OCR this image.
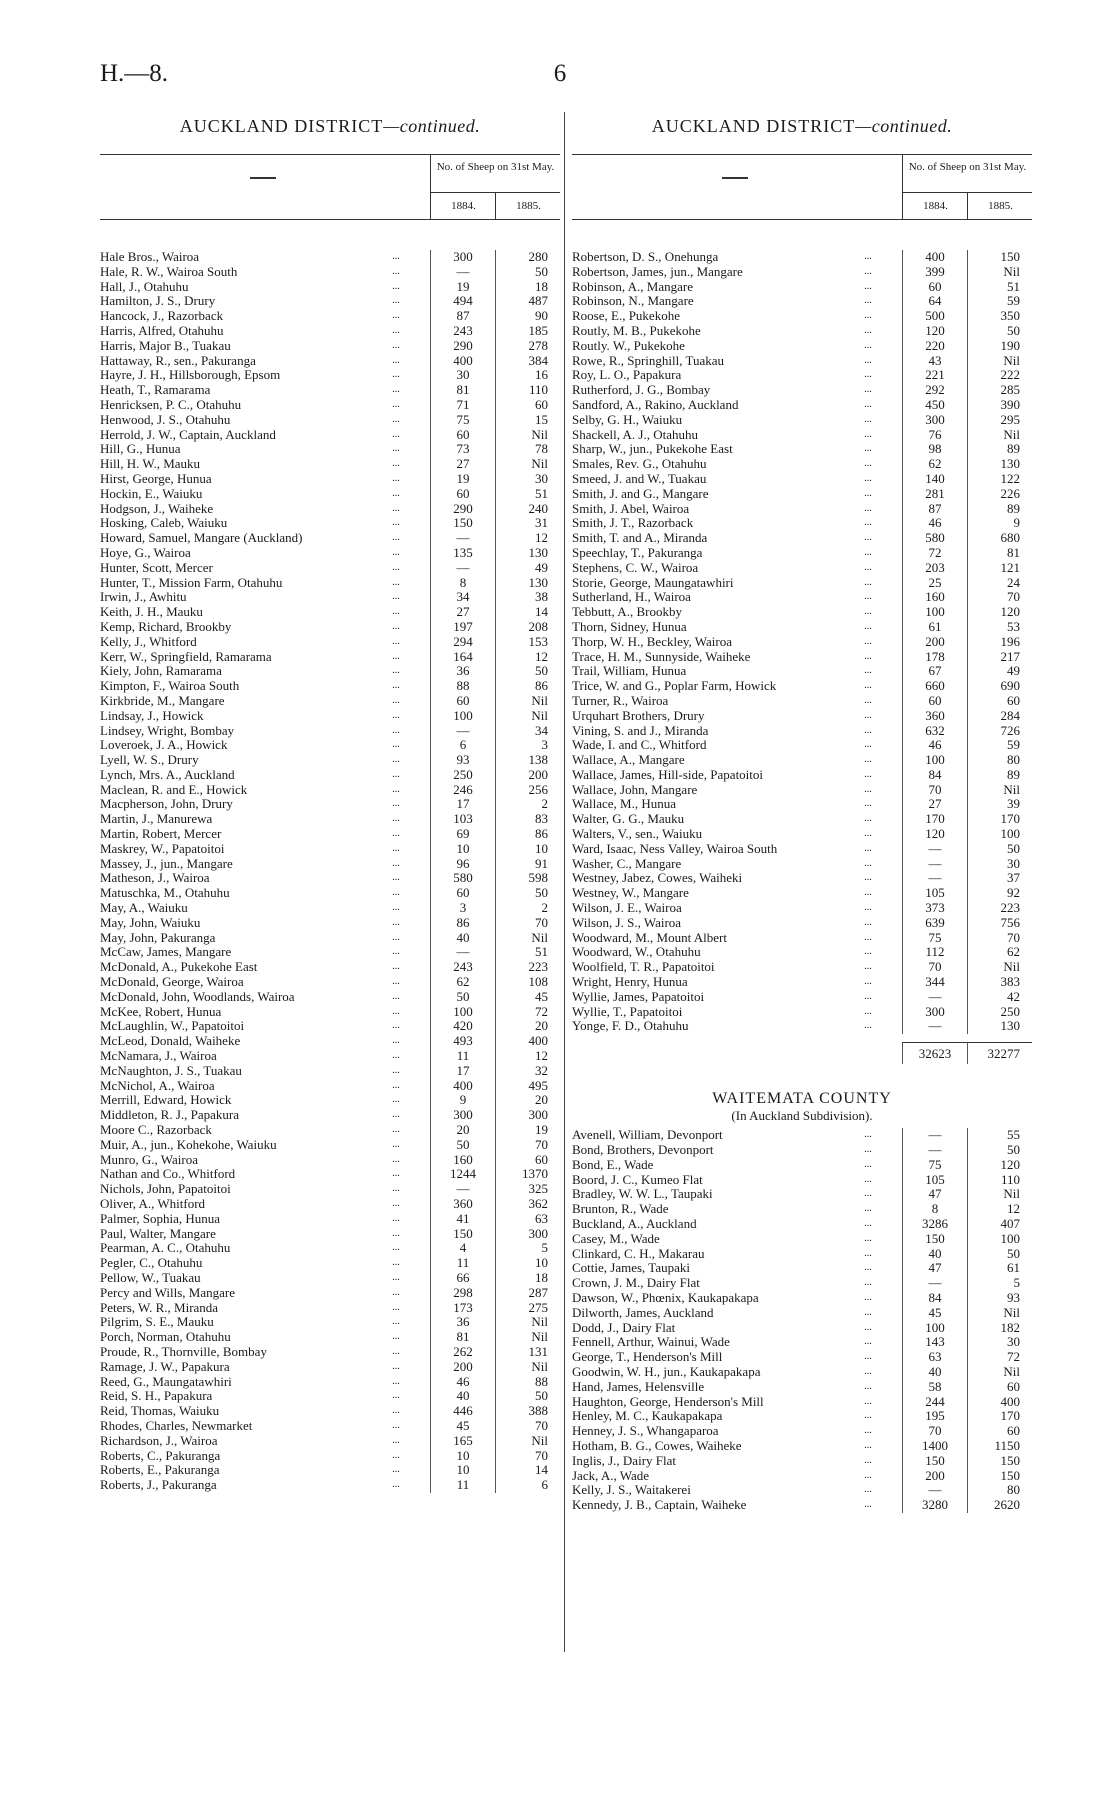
H.—8.	6
AUCKLAND DISTRICT—continued.
No. of Sheep on 31st May.
1884.	1885.
Hale Bros., Wairoa	...	300	280
Hale, R. W., Wairoa South	...	—	50
Hall, J., Otahuhu	...	19	18
Hamilton, J. S., Drury	...	494	487
Hancock, J., Razorback	...	87	90
Harris, Alfred, Otahuhu	...	243	185
Harris, Major B., Tuakau	...	290	278
Hattaway, R., sen., Pakuranga	...	400	384
Hayre, J. H., Hillsborough, Epsom	...	30	16
Heath, T., Ramarama	...	81	110
Henricksen, P. C., Otahuhu	...	71	60
Henwood, J. S., Otahuhu	...	75	15
Herrold, J. W., Captain, Auckland	...	60	Nil
Hill, G., Hunua	...	73	78
Hill, H. W., Mauku	...	27	Nil
Hirst, George, Hunua	...	19	30
Hockin, E., Waiuku	...	60	51
Hodgson, J., Waiheke	...	290	240
Hosking, Caleb, Waiuku	...	150	31
Howard, Samuel, Mangare (Auckland)	...	—	12
Hoye, G., Wairoa	...	135	130
Hunter, Scott, Mercer	...	—	49
Hunter, T., Mission Farm, Otahuhu	...	8	130
Irwin, J., Awhitu	...	34	38
Keith, J. H., Mauku	...	27	14
Kemp, Richard, Brookby	...	197	208
Kelly, J., Whitford	...	294	153
Kerr, W., Springfield, Ramarama	...	164	12
Kiely, John, Ramarama	...	36	50
Kimpton, F., Wairoa South	...	88	86
Kirkbride, M., Mangare	...	60	Nil
Lindsay, J., Howick	...	100	Nil
Lindsey, Wright, Bombay	...	—	34
Loveroek, J. A., Howick	...	6	3
Lyell, W. S., Drury	...	93	138
Lynch, Mrs. A., Auckland	...	250	200
Maclean, R. and E., Howick	...	246	256
Macpherson, John, Drury	...	17	2
Martin, J., Manurewa	...	103	83
Martin, Robert, Mercer	...	69	86
Maskrey, W., Papatoitoi	...	10	10
Massey, J., jun., Mangare	...	96	91
Matheson, J., Wairoa	...	580	598
Matuschka, M., Otahuhu	...	60	50
May, A., Waiuku	...	3	2
May, John, Waiuku	...	86	70
May, John, Pakuranga	...	40	Nil
McCaw, James, Mangare	...	—	51
McDonald, A., Pukekohe East	...	243	223
McDonald, George, Wairoa	...	62	108
McDonald, John, Woodlands, Wairoa	...	50	45
McKee, Robert, Hunua	...	100	72
McLaughlin, W., Papatoitoi	...	420	20
McLeod, Donald, Waiheke	...	493	400
McNamara, J., Wairoa	...	11	12
McNaughton, J. S., Tuakau	...	17	32
McNichol, A., Wairoa	...	400	495
Merrill, Edward, Howick	...	9	20
Middleton, R. J., Papakura	...	300	300
Moore C., Razorback	...	20	19
Muir, A., jun., Kohekohe, Waiuku	...	50	70
Munro, G., Wairoa	...	160	60
Nathan and Co., Whitford	...	1244	1370
Nichols, John, Papatoitoi	...	—	325
Oliver, A., Whitford	...	360	362
Palmer, Sophia, Hunua	...	41	63
Paul, Walter, Mangare	...	150	300
Pearman, A. C., Otahuhu	...	4	5
Pegler, C., Otahuhu	...	11	10
Pellow, W., Tuakau	...	66	18
Percy and Wills, Mangare	...	298	287
Peters, W. R., Miranda	...	173	275
Pilgrim, S. E., Mauku	...	36	Nil
Porch, Norman, Otahuhu	...	81	Nil
Proude, R., Thornville, Bombay	...	262	131
Ramage, J. W., Papakura	...	200	Nil
Reed, G., Maungatawhiri	...	46	88
Reid, S. H., Papakura	...	40	50
Reid, Thomas, Waiuku	...	446	388
Rhodes, Charles, Newmarket	...	45	70
Richardson, J., Wairoa	...	165	Nil
Roberts, C., Pakuranga	...	10	70
Roberts, E., Pakuranga	...	10	14
Roberts, J., Pakuranga	...	11	6
AUCKLAND DISTRICT—continued.
No. of Sheep on 31st May.
1884.	1885.
Robertson, D. S., Onehunga	...	400	150
Robertson, James, jun., Mangare	...	399	Nil
Robinson, A., Mangare	...	60	51
Robinson, N., Mangare	...	64	59
Roose, E., Pukekohe	...	500	350
Routly, M. B., Pukekohe	...	120	50
Routly. W., Pukekohe	...	220	190
Rowe, R., Springhill, Tuakau	...	43	Nil
Roy, L. O., Papakura	...	221	222
Rutherford, J. G., Bombay	...	292	285
Sandford, A., Rakino, Auckland	...	450	390
Selby, G. H., Waiuku	...	300	295
Shackell, A. J., Otahuhu	...	76	Nil
Sharp, W., jun., Pukekohe East	...	98	89
Smales, Rev. G., Otahuhu	...	62	130
Smeed, J. and W., Tuakau	...	140	122
Smith, J. and G., Mangare	...	281	226
Smith, J. Abel, Wairoa	...	87	89
Smith, J. T., Razorback	...	46	9
Smith, T. and A., Miranda	...	580	680
Speechlay, T., Pakuranga	...	72	81
Stephens, C. W., Wairoa	...	203	121
Storie, George, Maungatawhiri	...	25	24
Sutherland, H., Wairoa	...	160	70
Tebbutt, A., Brookby	...	100	120
Thorn, Sidney, Hunua	...	61	53
Thorp, W. H., Beckley, Wairoa	...	200	196
Trace, H. M., Sunnyside, Waiheke	...	178	217
Trail, William, Hunua	...	67	49
Trice, W. and G., Poplar Farm, Howick	...	660	690
Turner, R., Wairoa	...	60	60
Urquhart Brothers, Drury	...	360	284
Vining, S. and J., Miranda	...	632	726
Wade, I. and C., Whitford	...	46	59
Wallace, A., Mangare	...	100	80
Wallace, James, Hill-side, Papatoitoi	...	84	89
Wallace, John, Mangare	...	70	Nil
Wallace, M., Hunua	...	27	39
Walter, G. G., Mauku	...	170	170
Walters, V., sen., Waiuku	...	120	100
Ward, Isaac, Ness Valley, Wairoa South	...	—	50
Washer, C., Mangare	...	—	30
Westney, Jabez, Cowes, Waiheki	...	—	37
Westney, W., Mangare	...	105	92
Wilson, J. E., Wairoa	...	373	223
Wilson, J. S., Wairoa	...	639	756
Woodward, M., Mount Albert	...	75	70
Woodward, W., Otahuhu	...	112	62
Woolfield, T. R., Papatoitoi	...	70	Nil
Wright, Henry, Hunua	...	344	383
Wyllie, James, Papatoitoi	...	—	42
Wyllie, T., Papatoitoi	...	300	250
Yonge, F. D., Otahuhu	...	—	130
32623	32277
WAITEMATA COUNTY
(In Auckland Subdivision).
Avenell, William, Devonport	...	—	55
Bond, Brothers, Devonport	...	—	50
Bond, E., Wade	...	75	120
Boord, J. C., Kumeo Flat	...	105	110
Bradley, W. W. L., Taupaki	...	47	Nil
Brunton, R., Wade	...	8	12
Buckland, A., Auckland	...	3286	407
Casey, M., Wade	...	150	100
Clinkard, C. H., Makarau	...	40	50
Cottie, James, Taupaki	...	47	61
Crown, J. M., Dairy Flat	...	—	5
Dawson, W., Phœnix, Kaukapakapa	...	84	93
Dilworth, James, Auckland	...	45	Nil
Dodd, J., Dairy Flat	...	100	182
Fennell, Arthur, Wainui, Wade	...	143	30
George, T., Henderson's Mill	...	63	72
Goodwin, W. H., jun., Kaukapakapa	...	40	Nil
Hand, James, Helensville	...	58	60
Haughton, George, Henderson's Mill	...	244	400
Henley, M. C., Kaukapakapa	...	195	170
Henney, J. S., Whangaparoa	...	70	60
Hotham, B. G., Cowes, Waiheke	...	1400	1150
Inglis, J., Dairy Flat	...	150	150
Jack, A., Wade	...	200	150
Kelly, J. S., Waitakerei	...	—	80
Kennedy, J. B., Captain, Waiheke	...	3280	2620
